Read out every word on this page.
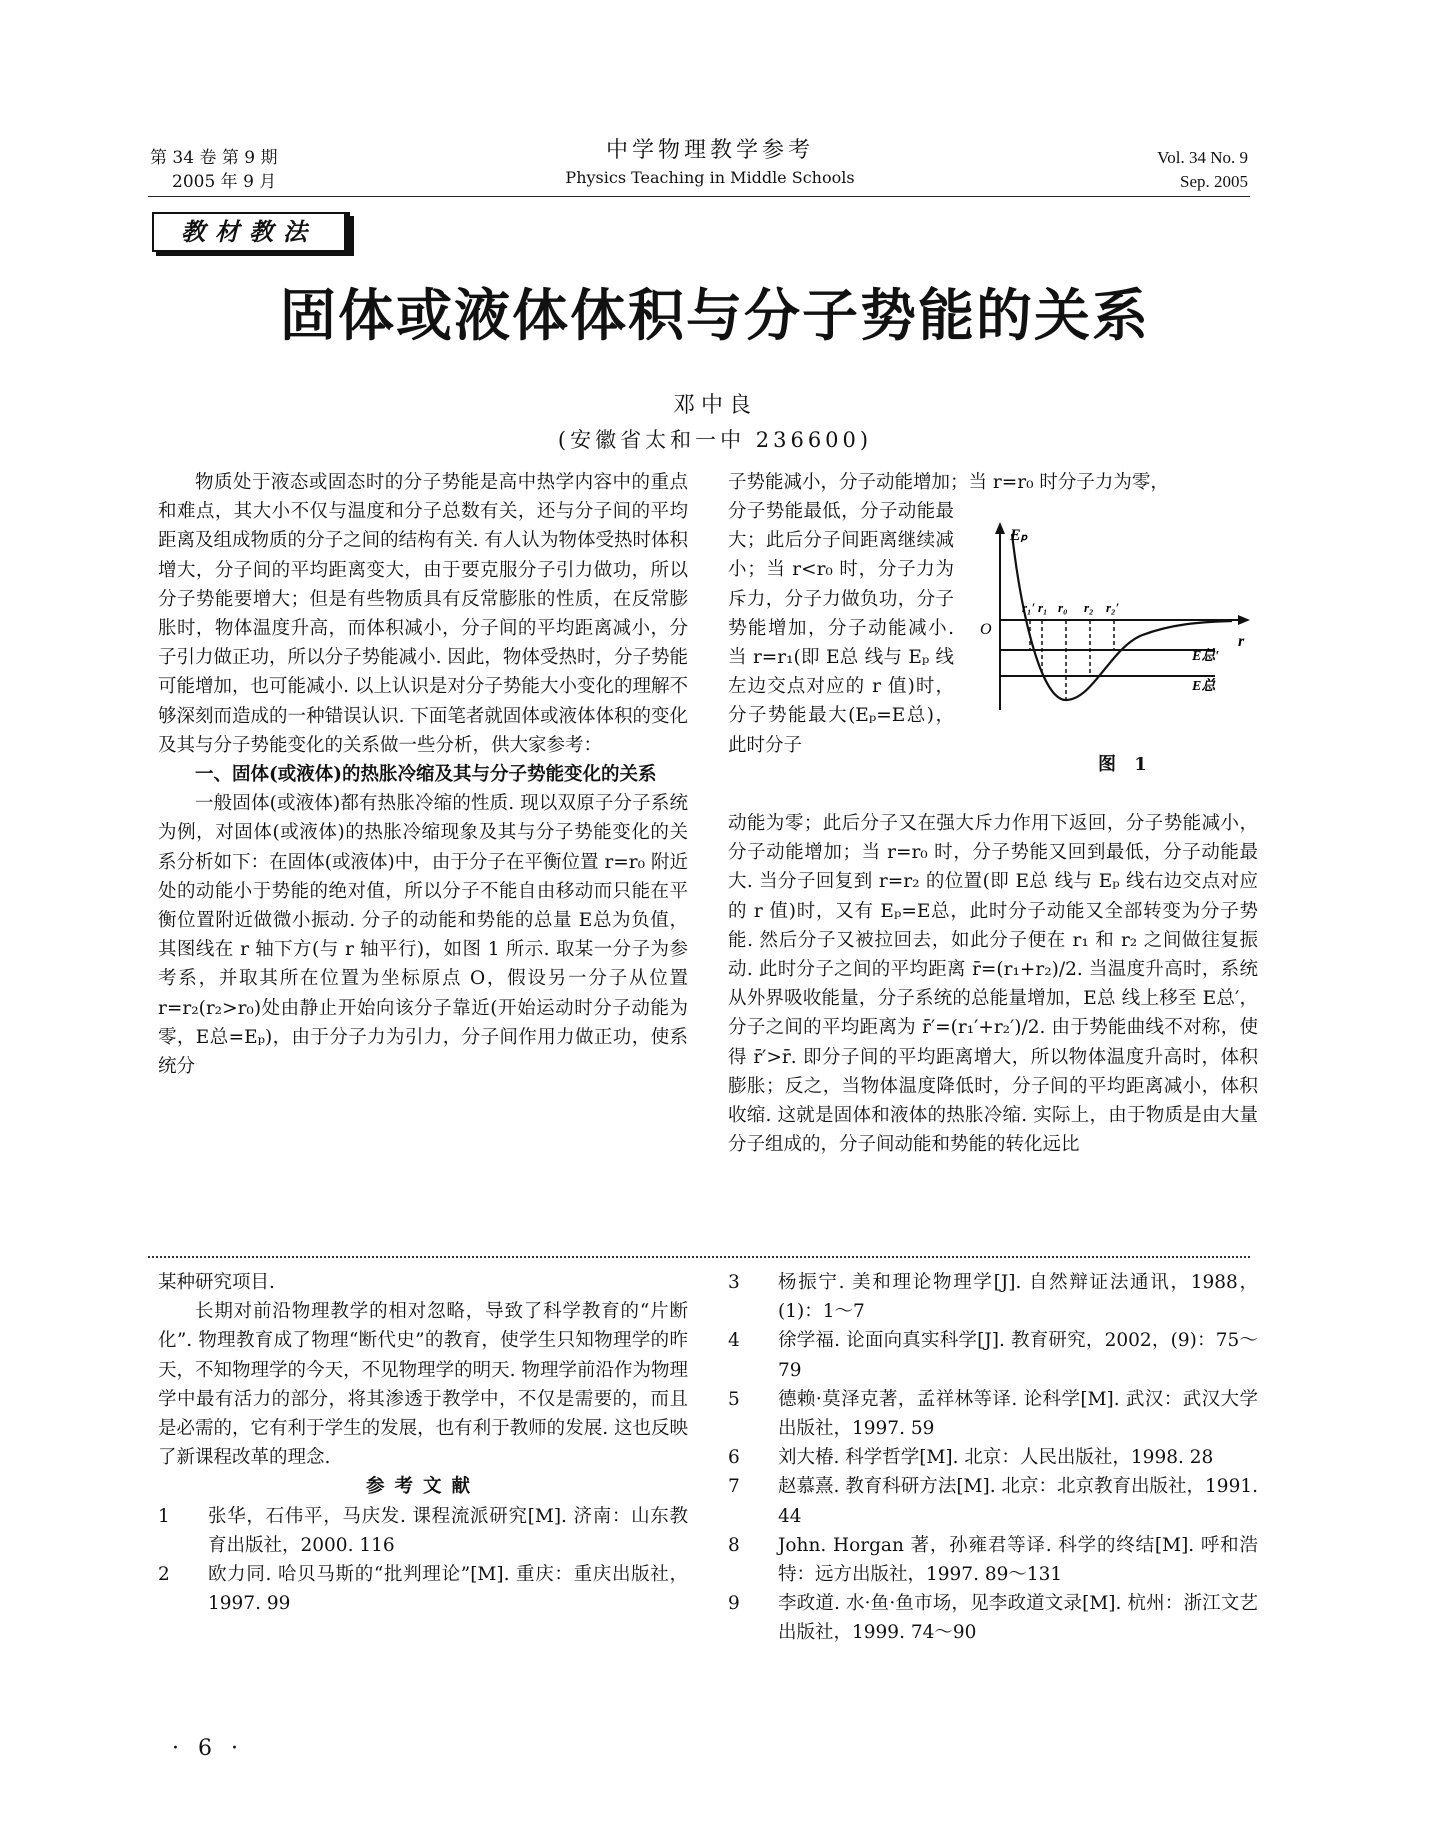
第 34 卷 第 9 期
2005 年 9 月
中学物理教学参考
Physics Teaching in Middle Schools
Vol. 34 No. 9
Sep. 2005
教材教法
固体或液体体积与分子势能的关系
邓中良
(安徽省太和一中 236600)

物质处于液态或固态时的分子势能是高中热学内容中的重点和难点，其大小不仅与温度和分子总数有关，还与分子间的平均距离及组成物质的分子之间的结构有关. 有人认为物体受热时体积增大，分子间的平均距离变大，由于要克服分子引力做功，所以分子势能要增大；但是有些物质具有反常膨胀的性质，在反常膨胀时，物体温度升高，而体积减小，分子间的平均距离减小，分子引力做正功，所以分子势能减小. 因此，物体受热时，分子势能可能增加，也可能减小. 以上认识是对分子势能大小变化的理解不够深刻而造成的一种错误认识. 下面笔者就固体或液体体积的变化及其与分子势能变化的关系做一些分析，供大家参考：

一、固体(或液体)的热胀冷缩及其与分子势能变化的关系

一般固体(或液体)都有热胀冷缩的性质. 现以双原子分子系统为例，对固体(或液体)的热胀冷缩现象及其与分子势能变化的关系分析如下：在固体(或液体)中，由于分子在平衡位置 r=r₀ 附近处的动能小于势能的绝对值，所以分子不能自由移动而只能在平衡位置附近做微小振动. 分子的动能和势能的总量 E总为负值，其图线在 r 轴下方(与 r 轴平行)，如图 1 所示. 取某一分子为参考系，并取其所在位置为坐标原点 O，假设另一分子从位置 r=r₂(r₂>r₀)处由静止开始向该分子靠近(开始运动时分子动能为零，E总=Eₚ)，由于分子力为引力，分子间作用力做正功，使系统分

子势能减小，分子动能增加；当 r=r₀ 时分子力为零，
分子势能最低，分子动能最大；此后分子间距离继续减小；当 r<r₀ 时，分子力为斥力，分子力做负功，分子势能增加，分子动能减小. 当 r=r₁(即 E总 线与 Eₚ 线左边交点对应的 r 值)时，分子势能最大(Eₚ=E总)，此时分子
Eₚ
O
r
r₁′ r₁ r₀ r₂ r₂′
E总′
E总
图 1
动能为零；此后分子又在强大斥力作用下返回，分子势能减小，分子动能增加；当 r=r₀ 时，分子势能又回到最低，分子动能最大. 当分子回复到 r=r₂ 的位置(即 E总 线与 Eₚ 线右边交点对应的 r 值)时，又有 Eₚ=E总，此时分子动能又全部转变为分子势能. 然后分子又被拉回去，如此分子便在 r₁ 和 r₂ 之间做往复振动. 此时分子之间的平均距离 r̄=(r₁+r₂)/2. 当温度升高时，系统从外界吸收能量，分子系统的总能量增加，E总 线上移至 E总′，分子之间的平均距离为 r̄′=(r₁′+r₂′)/2. 由于势能曲线不对称，使得 r̄′>r̄. 即分子间的平均距离增大，所以物体温度升高时，体积膨胀；反之，当物体温度降低时，分子间的平均距离减小，体积收缩. 这就是固体和液体的热胀冷缩. 实际上，由于物质是由大量分子组成的，分子间动能和势能的转化远比

某种研究项目.

长期对前沿物理教学的相对忽略，导致了科学教育的“片断化”. 物理教育成了物理“断代史”的教育，使学生只知物理学的昨天，不知物理学的今天，不见物理学的明天. 物理学前沿作为物理学中最有活力的部分，将其渗透于教学中，不仅是需要的，而且是必需的，它有利于学生的发展，也有利于教师的发展. 这也反映了新课程改革的理念.

参考文献

1 张华，石伟平，马庆发. 课程流派研究[M]. 济南：山东教育出版社，2000. 116
2 欧力同. 哈贝马斯的“批判理论”[M]. 重庆：重庆出版社，1997. 99
3 杨振宁. 美和理论物理学[J]. 自然辩证法通讯，1988，(1)：1～7
4 徐学福. 论面向真实科学[J]. 教育研究，2002，(9)：75～79
5 德赖·莫泽克著，孟祥林等译. 论科学[M]. 武汉：武汉大学出版社，1997. 59
6 刘大椿. 科学哲学[M]. 北京：人民出版社，1998. 28
7 赵慕熹. 教育科研方法[M]. 北京：北京教育出版社，1991. 44
8 John. Horgan 著，孙雍君等译. 科学的终结[M]. 呼和浩特：远方出版社，1997. 89～131
9 李政道. 水·鱼·鱼市场，见李政道文录[M]. 杭州：浙江文艺出版社，1999. 74～90
· 6 ·
